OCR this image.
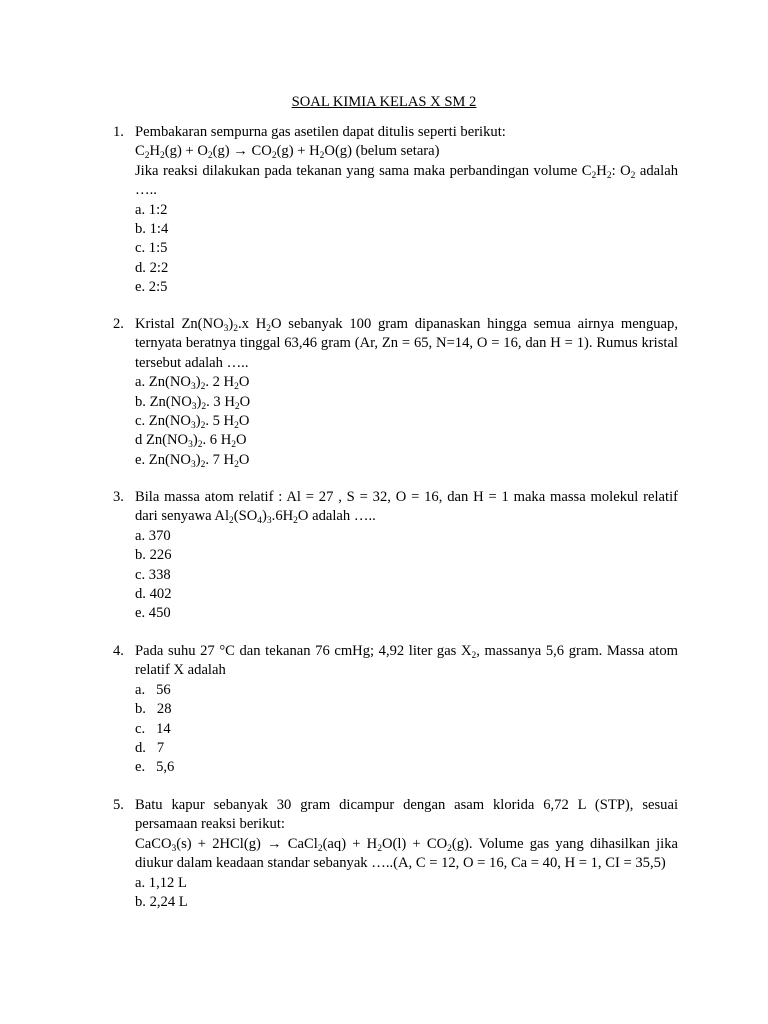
SOAL KIMIA KELAS X SM 2
1. Pembakaran sempurna gas asetilen dapat ditulis seperti berikut:
$C_2H_2(g) + O_2(g) \to CO_2(g) + H_2O(g)$ (belum setara)
Jika reaksi dilakukan pada tekanan yang sama maka perbandingan volume $C_2H_2$: $O_2$ adalah …..
a. 1:2
b. 1:4
c. 1:5
d. 2:2
e. 2:5
2. Kristal $Zn(NO_3)_2.x$ $H_2O$ sebanyak 100 gram dipanaskan hingga semua airnya menguap, ternyata beratnya tinggal 63,46 gram (Ar, Zn = 65, N=14, O = 16, dan H = 1). Rumus kristal tersebut adalah …..
a. $Zn(NO_3)_2$. 2 $H_2O$
b. $Zn(NO_3)_2$. 3 $H_2O$
c. $Zn(NO_3)_2$. 5 $H_2O$
d $Zn(NO_3)_2$. 6 $H_2O$
e. $Zn(NO_3)_2$. 7 $H_2O$
3. Bila massa atom relatif : Al = 27 , S = 32, O = 16, dan H = 1 maka massa molekul relatif dari senyawa $Al_2(SO_4)_3.6H_2O$ adalah …..
a. 370
b. 226
c. 338
d. 402
e. 450
4. Pada suhu 27 °C dan tekanan 76 cmHg; 4,92 liter gas $X_2$, massanya 5,6 gram. Massa atom relatif X adalah
a.   56
b.   28
c.   14
d.   7
e.   5,6
5. Batu kapur sebanyak 30 gram dicampur dengan asam klorida 6,72 L (STP), sesuai persamaan reaksi berikut:
CaCO$_3$(s) + 2HCl(g) → CaCl$_2$(aq) + $H_2O(l) + CO_2(g)$. Volume gas yang dihasilkan jika diukur dalam keadaan standar sebanyak …..(A, C = 12, O = 16, Ca = 40, H = 1, CI = 35,5)
a. 1,12 L
b. 2,24 L
